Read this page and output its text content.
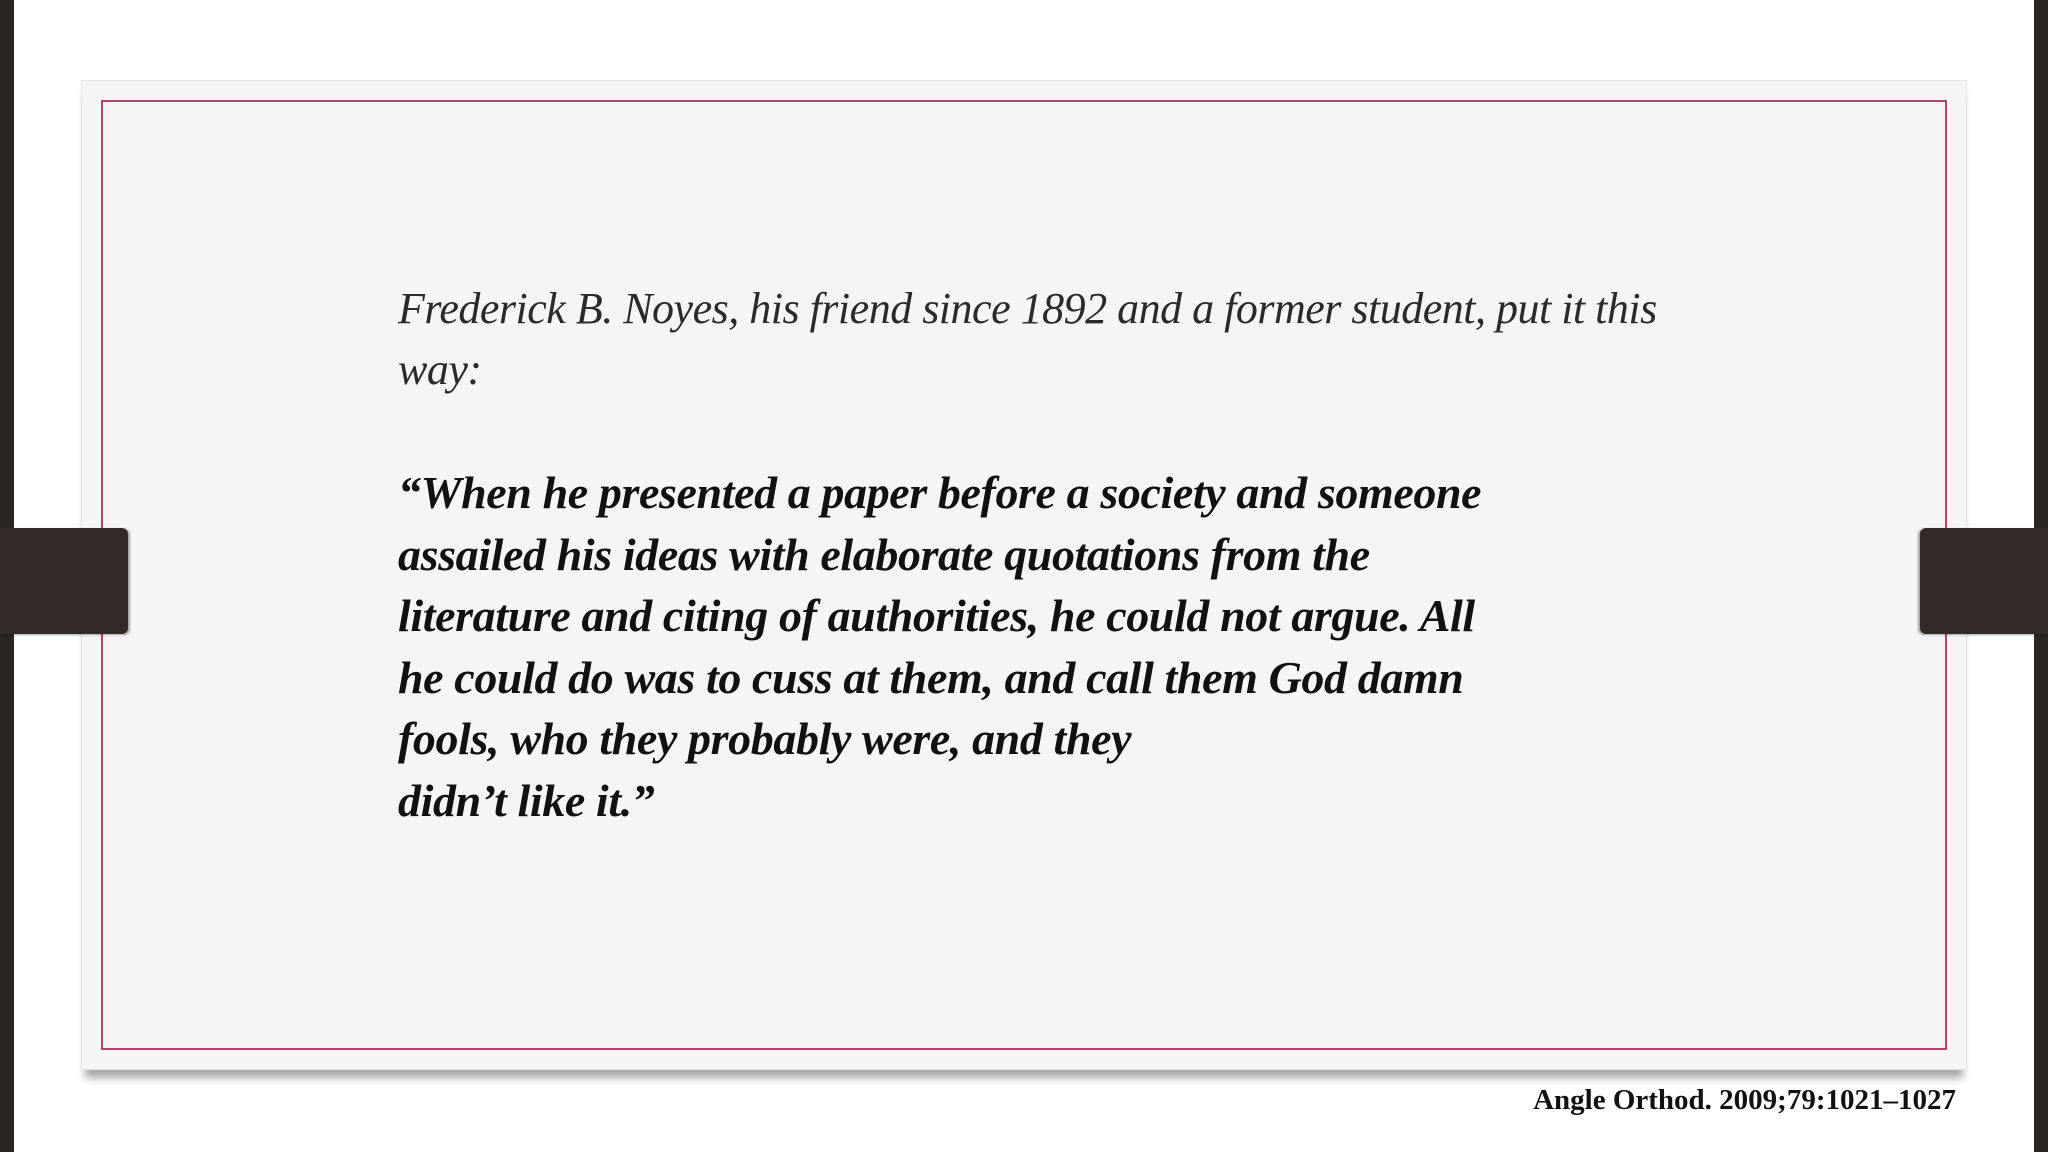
Frederick B. Noyes, his friend since 1892 and a former student, put it this
way:
“When he presented a paper before a society and someone
assailed his ideas with elaborate quotations from the
literature and citing of authorities, he could not argue. All
he could do was to cuss at them, and call them God damn
fools, who they probably were, and they
didn’t like it.”
Angle Orthod. 2009;79:1021–1027
